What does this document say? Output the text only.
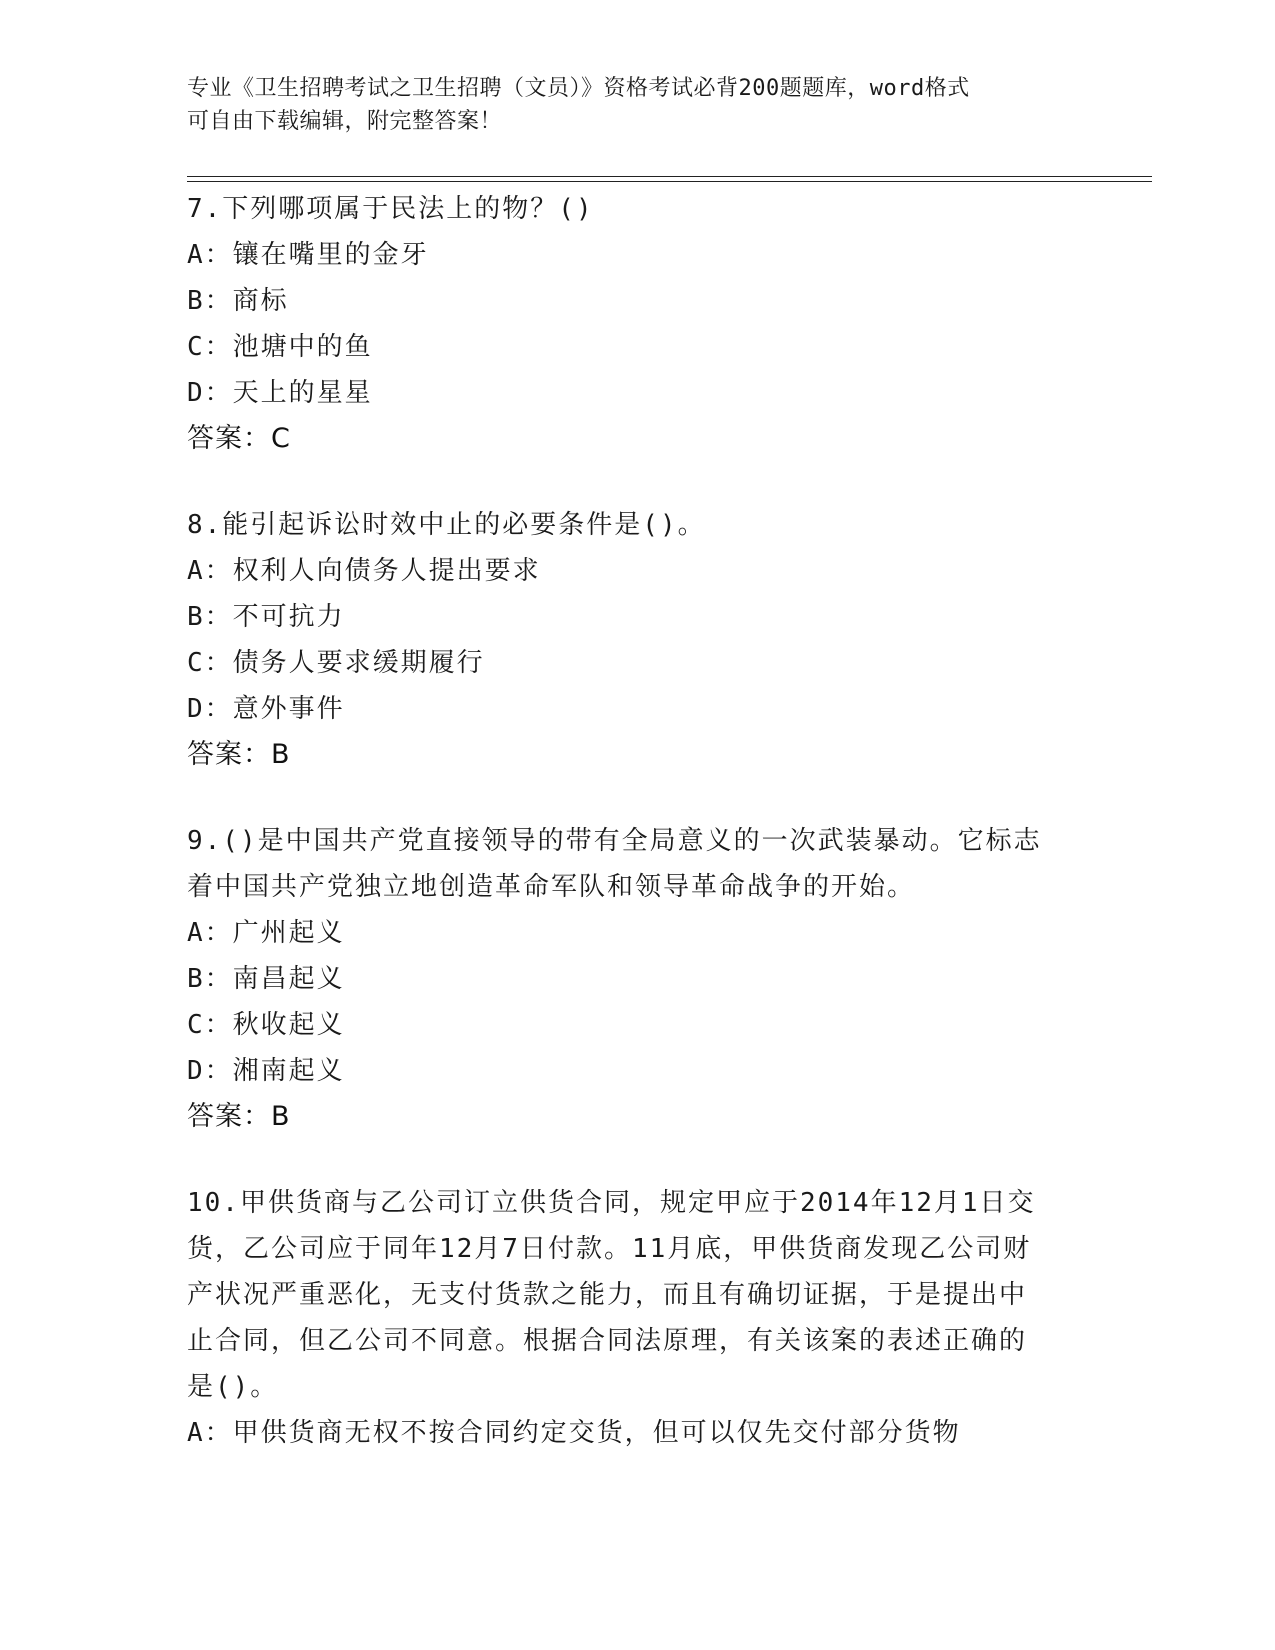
专业《卫生招聘考试之卫生招聘（文员）》资格考试必背200题题库，word格式
可自由下载编辑，附完整答案！
7.下列哪项属于民法上的物？()
A：镶在嘴里的金牙
B：商标
C：池塘中的鱼
D：天上的星星
答案：C
8.能引起诉讼时效中止的必要条件是()。
A：权利人向债务人提出要求
B：不可抗力
C：债务人要求缓期履行
D：意外事件
答案：B
9.()是中国共产党直接领导的带有全局意义的一次武装暴动。它标志
着中国共产党独立地创造革命军队和领导革命战争的开始。
A：广州起义
B：南昌起义
C：秋收起义
D：湘南起义
答案：B
10.甲供货商与乙公司订立供货合同，规定甲应于2014年12月1日交
货，乙公司应于同年12月7日付款。11月底，甲供货商发现乙公司财
产状况严重恶化，无支付货款之能力，而且有确切证据，于是提出中
止合同，但乙公司不同意。根据合同法原理，有关该案的表述正确的
是()。
A：甲供货商无权不按合同约定交货，但可以仅先交付部分货物
